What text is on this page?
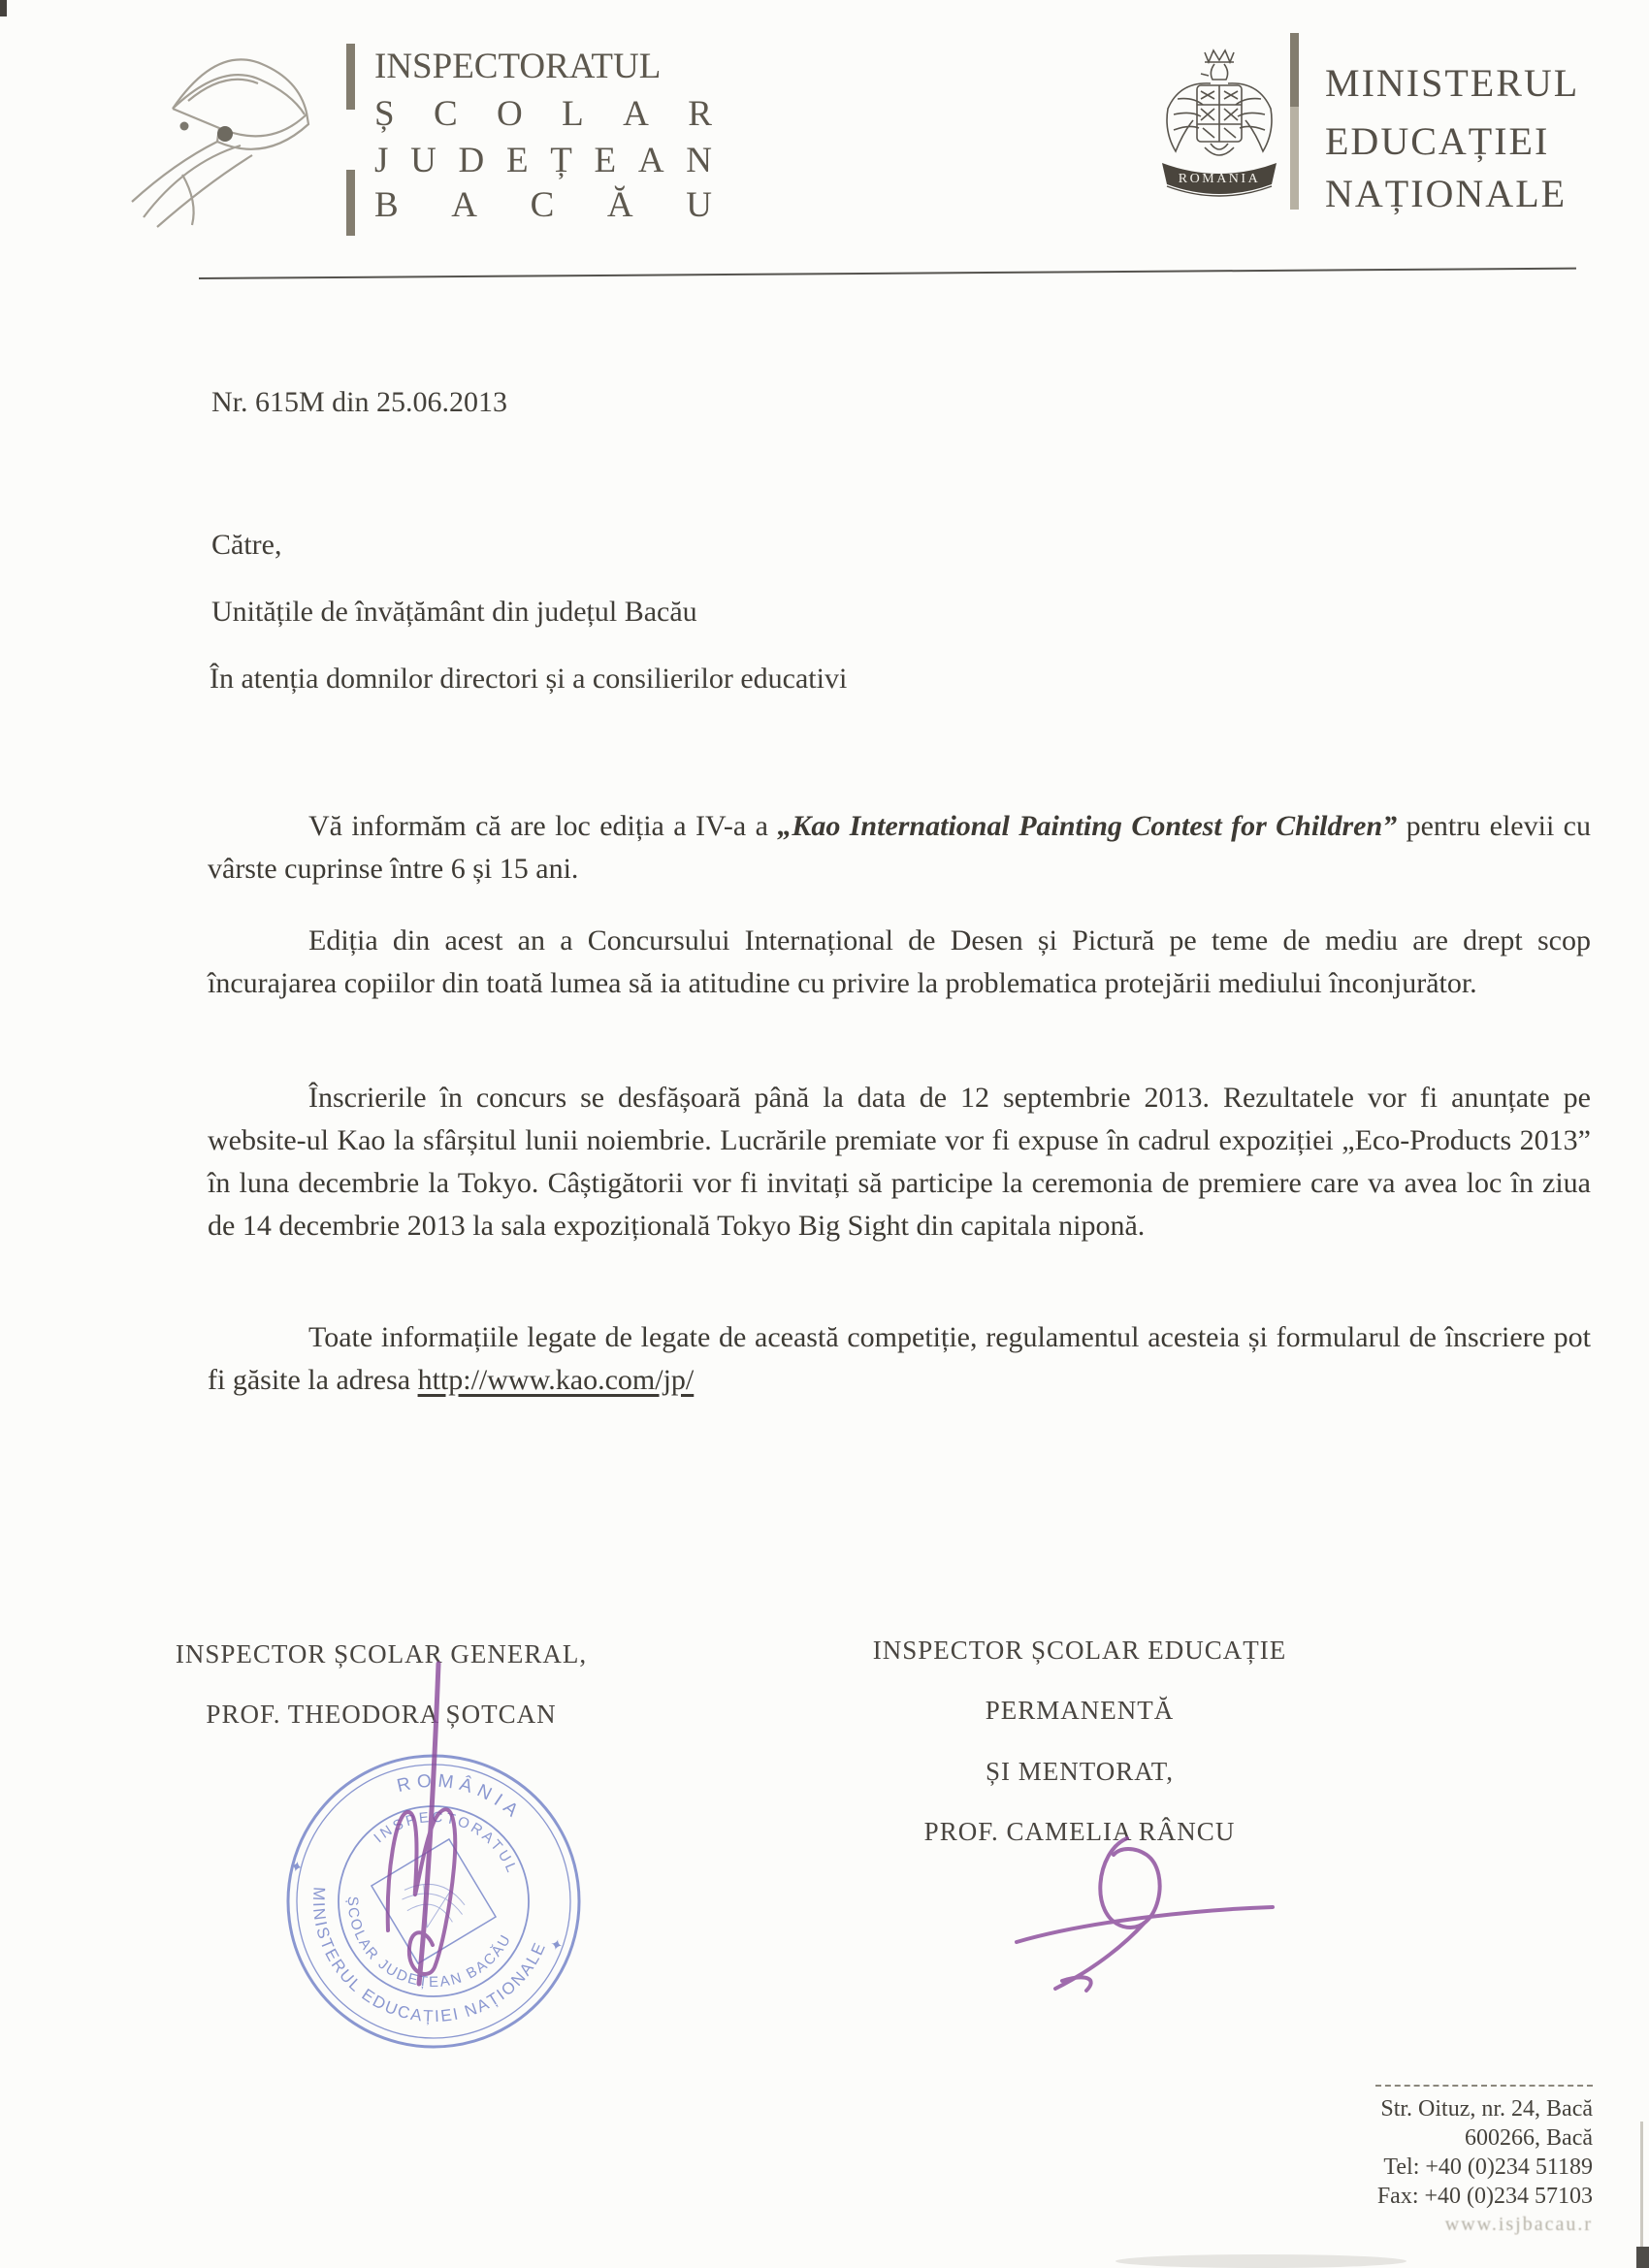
INSPECTORATUL
Ș C O L A R
J U D E Ț E A N
B A C Ă U
ROMANIA
MINISTERUL
EDUCAȚIEI
NAȚIONALE
Nr. 615M din 25.06.2013
Către,
Unitățile de învățământ din județul Bacău
În atenția domnilor directori și a consilierilor educativi
Vă informăm că are loc ediția a IV-a a „Kao International Painting Contest for Children” pentru elevii cu vârste cuprinse între 6 și 15 ani.
Ediția din acest an a Concursului Internațional de Desen și Pictură pe teme de mediu are drept scop încurajarea copiilor din toată lumea să ia atitudine cu privire la problematica protejării mediului înconjurător.
Înscrierile în concurs se desfășoară până la data de 12 septembrie 2013. Rezultatele vor fi anunțate pe website-ul Kao la sfârșitul lunii noiembrie. Lucrările premiate vor fi expuse în cadrul expoziției „Eco-Products 2013” în luna decembrie la Tokyo. Câștigătorii vor fi invitați să participe la ceremonia de premiere care va avea loc în ziua de 14 decembrie 2013 la sala expozițională Tokyo Big Sight din capitala niponă.
Toate informațiile legate de legate de această competiție, regulamentul acesteia și formularul de înscriere pot fi găsite la adresa http://www.kao.com/jp/
INSPECTOR ȘCOLAR GENERAL,
PROF. THEODORA ȘOTCAN
INSPECTOR ȘCOLAR EDUCAȚIE
PERMANENTĂ
ȘI MENTORAT,
PROF. CAMELIA RÂNCU
ROMÂNIA
MINISTERUL EDUCAȚIEI NAȚIONALE
INSPECTORATUL
ȘCOLAR JUDEȚEAN BACĂU ✦
✦
Str. Oituz, nr. 24, Bacă
600266, Bacă
Tel: +40 (0)234 51189
Fax: +40 (0)234 57103
www.isjbacau.r
